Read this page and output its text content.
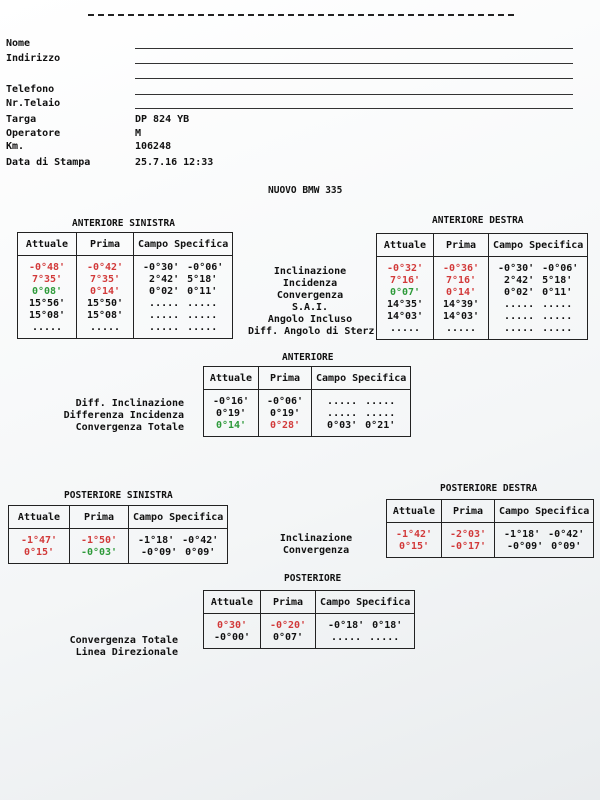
Nome
Indirizzo
Telefono
Nr.Telaio
Targa	DP 824 YB
Operatore	M
Km.	106248
Data di Stampa	25.7.16 12:33
NUOVO BMW 335
ANTERIORE SINISTRA
Attuale	Prima	Campo Specifica
-0°48'	-0°42'	-0°30' -0°06'
7°35'	7°35'	2°42' 5°18'
0°08'	0°14'	0°02' 0°11'
15°56'	15°50'	..... .....
15°08'	15°08'	..... .....
.....	.....	..... .....
Inclinazione
Incidenza
Convergenza
S.A.I.
Angolo Incluso
Diff. Angolo di Sterz
ANTERIORE DESTRA
Attuale	Prima	Campo Specifica
-0°32'	-0°36'	-0°30' -0°06'
7°16'	7°16'	2°42' 5°18'
0°07'	0°14'	0°02' 0°11'
14°35'	14°39'	..... .....
14°03'	14°03'	..... .....
.....	.....	..... .....
ANTERIORE
Diff. Inclinazione
Differenza Incidenza
Convergenza Totale
Attuale	Prima	Campo Specifica
-0°16'	-0°06'	..... .....
0°19'	0°19'	..... .....
0°14'	0°28'	0°03' 0°21'
POSTERIORE SINISTRA
Attuale	Prima	Campo Specifica
-1°47'	-1°50'	-1°18' -0°42'
0°15'	-0°03'	-0°09' 0°09'
Inclinazione
Convergenza
POSTERIORE DESTRA
Attuale	Prima	Campo Specifica
-1°42'	-2°03'	-1°18' -0°42'
0°15'	-0°17'	-0°09' 0°09'
POSTERIORE
Convergenza Totale
Linea Direzionale
Attuale	Prima	Campo Specifica
0°30'	-0°20'	-0°18' 0°18'
-0°00'	0°07'	..... .....
